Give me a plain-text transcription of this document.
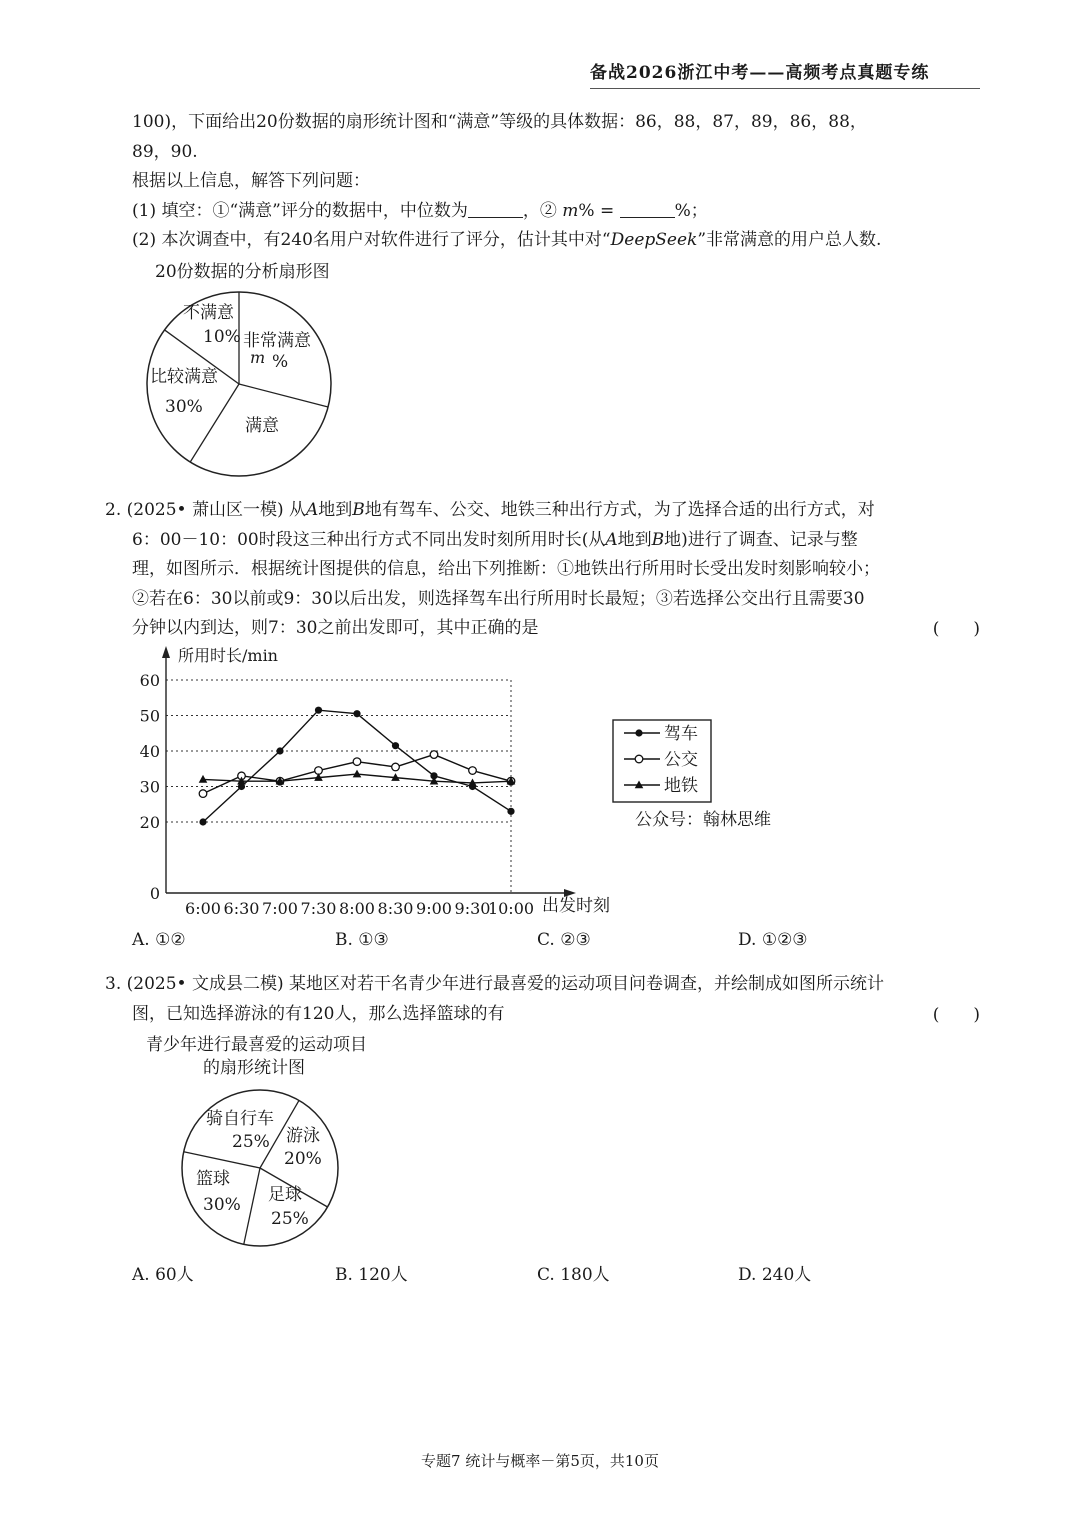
备战2026浙江中考——高频考点真题专练

100)，下面给出20份数据的扇形统计图和“满意”等级的具体数据：86，88，87，89，86，88，

89，90.

根据以上信息，解答下列问题：

(1) 填空：①“满意”评分的数据中，中位数为	，② m% =	%；

(2) 本次调查中，有240名用户对软件进行了评分，估计其中对“DeepSeek”非常满意的用户总人数.

20份数据的分析扇形图
不满意
10% 非常满意
m %
比较满意
30%
满意

2. (2025• 萧山区一模) 从A地到B地有驾车、公交、地铁三种出行方式，为了选择合适的出行方式，对

6：00－10：00时段这三种出行方式不同出发时刻所用时长(从A地到B地)进行了调查、记录与整

理，如图所示．根据统计图提供的信息，给出下列推断：①地铁出行所用时长受出发时刻影响较小；

②若在6：30以前或9：30以后出发，则选择驾车出行所用时长最短；③若选择公交出行且需要30

分钟以内到达，则7：30之前出发即可，其中正确的是	(　　)
0
20
30
40
50
60
6:00 6:30 7:00 7:30 8:00 8:30 9:00 9:30
10:00
所用时长/min
出发时刻
驾车
公交
地铁
公众号：翰林思维
A. ①②	B. ①③	C. ②③	D. ①②③

3. (2025• 文成县二模) 某地区对若干名青少年进行最喜爱的运动项目问卷调查，并绘制成如图所示统计

图，已知选择游泳的有120人，那么选择篮球的有	(　　)
青少年进行最喜爱的运动项目
的扇形统计图
骑自行车
25% 游泳
20%
篮球
30% 足球
25%
A. 60人	B. 120人	C. 180人	D. 240人
专题7 统计与概率－第5页，共10页
